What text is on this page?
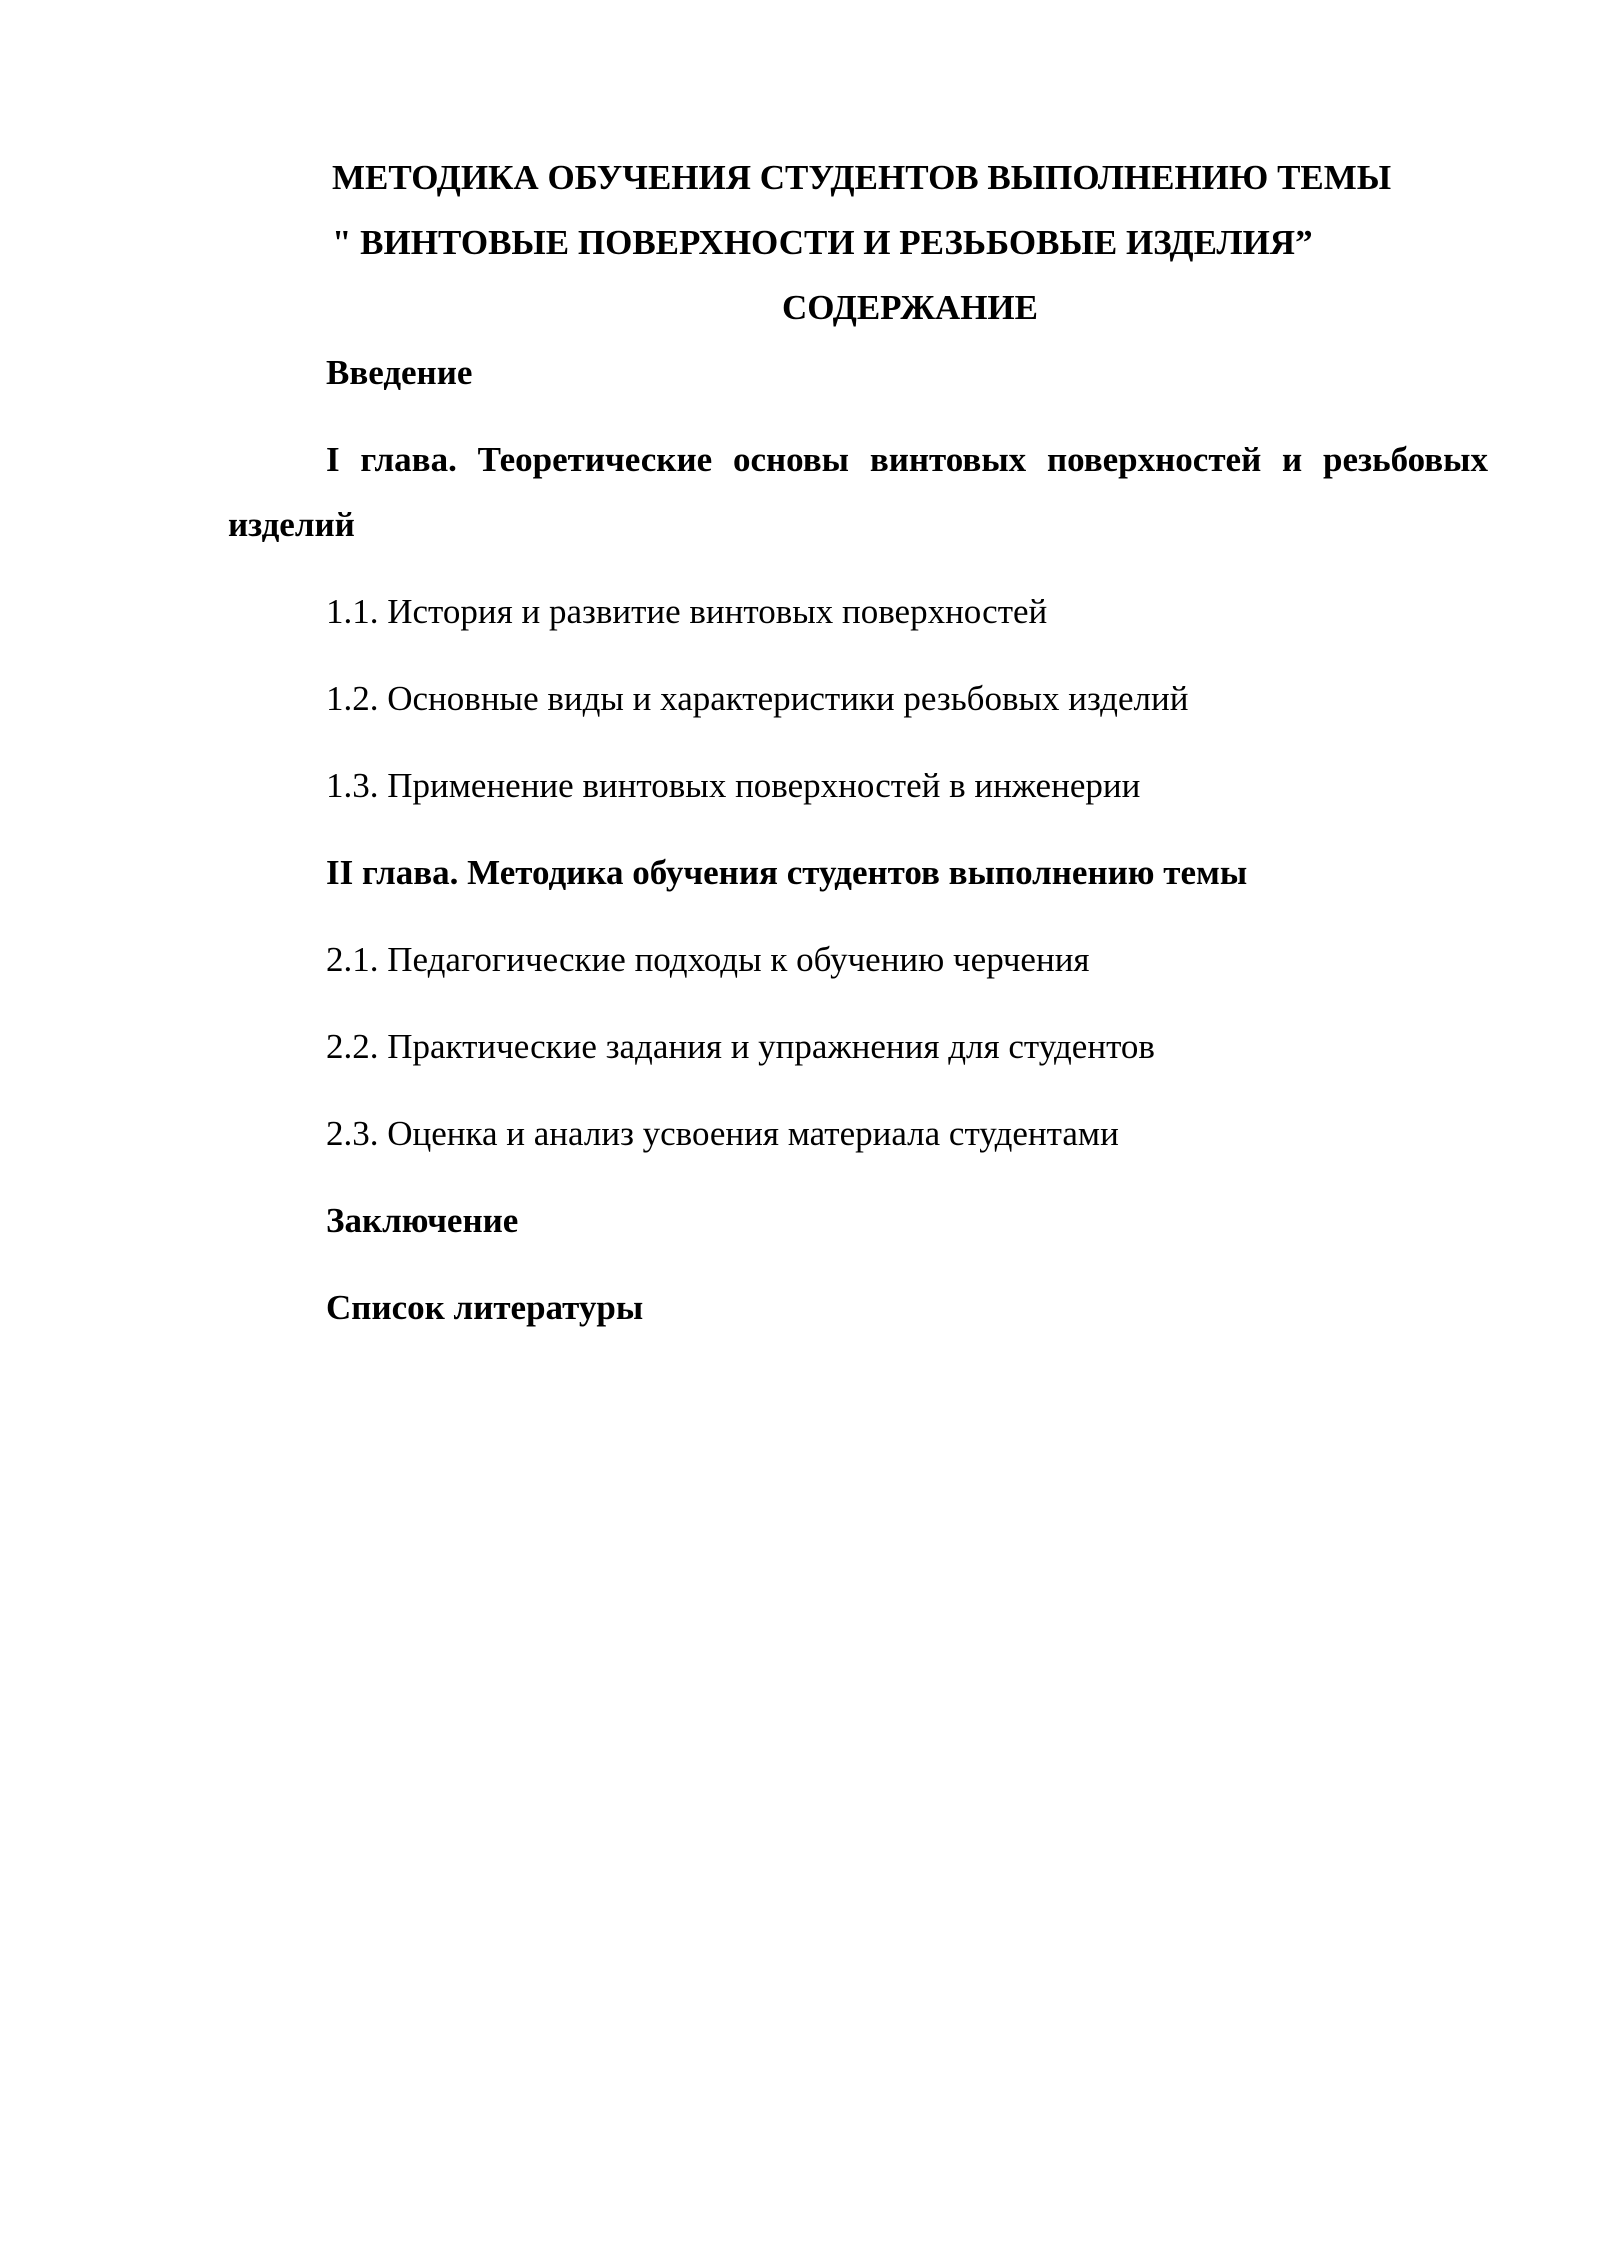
МЕТОДИКА ОБУЧЕНИЯ СТУДЕНТОВ ВЫПОЛНЕНИЮ ТЕМЫ

" ВИНТОВЫЕ ПОВЕРХНОСТИ И РЕЗЬБОВЫЕ ИЗДЕЛИЯ”

СОДЕРЖАНИЕ

Введение

I глава. Теоретические основы винтовых поверхностей и резьбовых изделий

1.1. История и развитие винтовых поверхностей

1.2. Основные виды и характеристики резьбовых изделий

1.3. Применение винтовых поверхностей в инженерии

II глава. Методика обучения студентов выполнению темы

2.1. Педагогические подходы к обучению черчения

2.2. Практические задания и упражнения для студентов

2.3. Оценка и анализ усвоения материала студентами

Заключение

Список литературы
